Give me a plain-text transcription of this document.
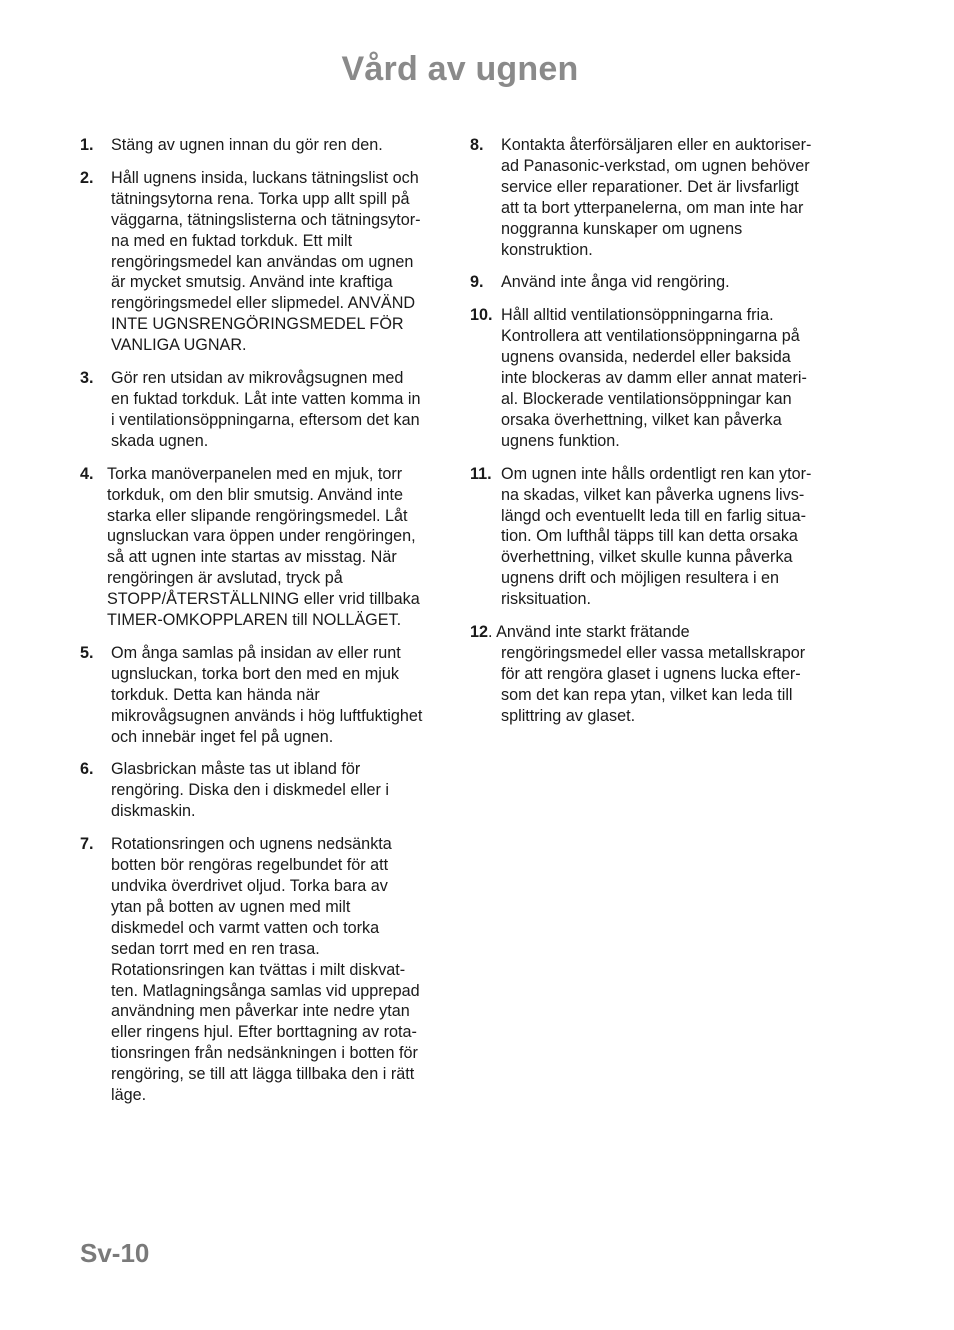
Vård av ugnen
1.	Stäng av ugnen innan du gör ren den.
2.	Håll ugnens insida, luckans tätningslist och
tätningsytorna rena. Torka upp allt spill på
väggarna, tätningslisterna och tätningsytor-
na med en fuktad torkduk. Ett milt
rengöringsmedel kan användas om ugnen
är mycket smutsig. Använd inte kraftiga
rengöringsmedel eller slipmedel. ANVÄND
INTE UGNSRENGÖRINGSMEDEL FÖR
VANLIGA UGNAR.
3.	Gör ren utsidan av mikrovågsugnen med
en fuktad torkduk. Låt inte vatten komma in
i ventilationsöppningarna, eftersom det kan
skada ugnen.
4. Torka manöverpanelen med en mjuk, torr
torkduk, om den blir smutsig. Använd inte
starka eller slipande rengöringsmedel. Låt
ugnsluckan vara öppen under rengöringen,
så att ugnen inte startas av misstag. När
rengöringen är avslutad, tryck på
STOPP/ÅTERSTÄLLNING eller vrid tillbaka
TIMER-OMKOPPLAREN till NOLLÄGET.
5.	Om ånga samlas på insidan av eller runt
ugnsluckan, torka bort den med en mjuk
torkduk. Detta kan hända när
mikrovågsugnen används i hög luftfuktighet
och innebär inget fel på ugnen.
6.	Glasbrickan måste tas ut ibland för
rengöring. Diska den i diskmedel eller i
diskmaskin.
7.	Rotationsringen och ugnens nedsänkta
botten bör rengöras regelbundet för att
undvika överdrivet oljud. Torka bara av
ytan på botten av ugnen med milt
diskmedel och varmt vatten och torka
sedan torrt med en ren trasa.
Rotationsringen kan tvättas i milt diskvat-
ten. Matlagningsånga samlas vid upprepad
användning men påverkar inte nedre ytan
eller ringens hjul. Efter borttagning av rota-
tionsringen från nedsänkningen i botten för
rengöring, se till att lägga tillbaka den i rätt
läge.
8.	Kontakta återförsäljaren eller en auktoriser-
ad Panasonic-verkstad, om ugnen behöver
service eller reparationer. Det är livsfarligt
att ta bort ytterpanelerna, om man inte har
noggranna kunskaper om ugnens
konstruktion.
9.	Använd inte ånga vid rengöring.
10. Håll alltid ventilationsöppningarna fria.
Kontrollera att ventilationsöppningarna på
ugnens ovansida, nederdel eller baksida
inte blockeras av damm eller annat materi-
al. Blockerade ventilationsöppningar kan
orsaka överhettning, vilket kan påverka
ugnens funktion.
11. Om ugnen inte hålls ordentligt ren kan ytor-
na skadas, vilket kan påverka ugnens livs-
längd och eventuellt leda till en farlig situa-
tion. Om lufthål täpps till kan detta orsaka
överhettning, vilket skulle kunna påverka
ugnens drift och möjligen resultera i en
risksituation.
12. Använd inte starkt frätande
rengöringsmedel eller vassa metallskrapor
för att rengöra glaset i ugnens lucka efter-
som det kan repa ytan, vilket kan leda till
splittring av glaset.
Sv-10
